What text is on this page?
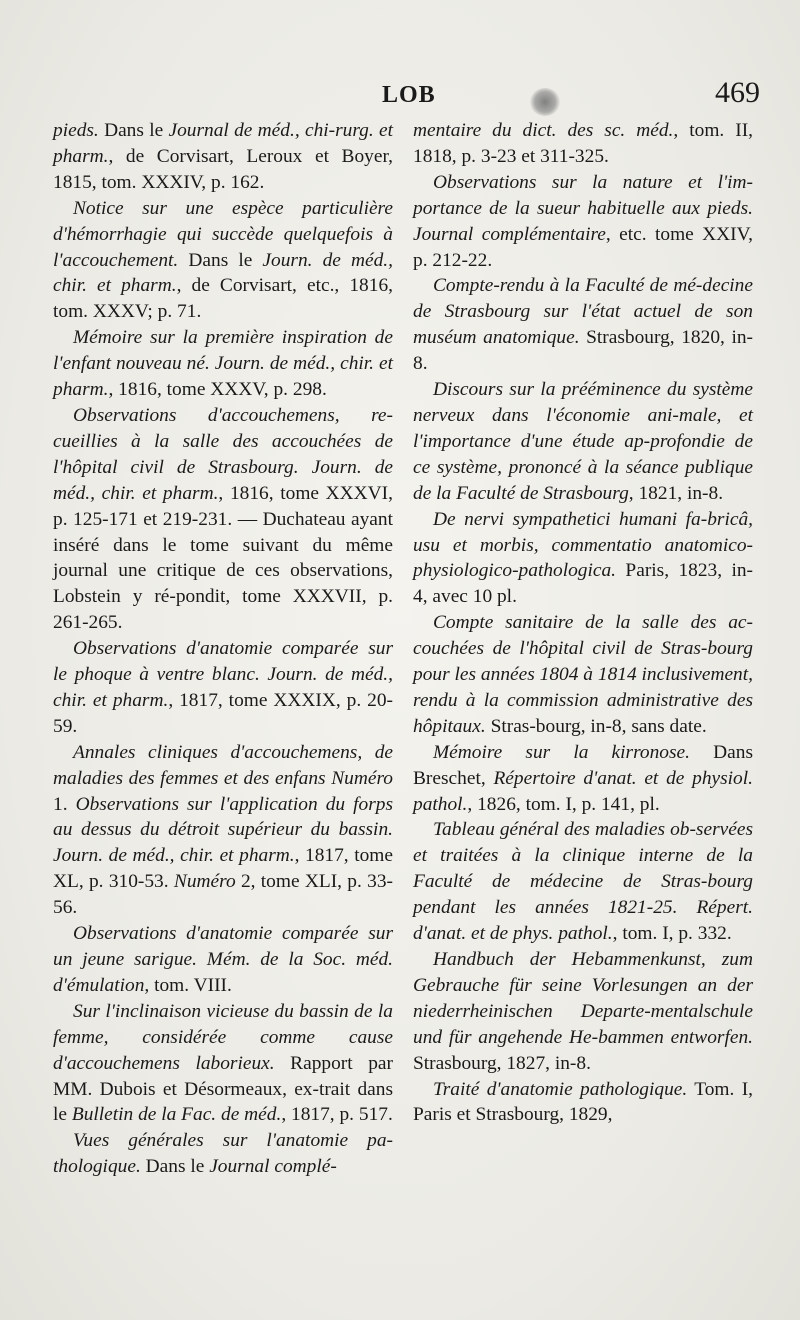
LOB	469

pieds. Dans le Journal de méd., chi-rurg. et pharm., de Corvisart, Leroux et Boyer, 1815, tom. XXXIV, p. 162.

Notice sur une espèce particulière d'hémorrhagie qui succède quelquefois à l'accouchement. Dans le Journ. de méd., chir. et pharm., de Corvisart, etc., 1816, tom. XXXV; p. 71.

Mémoire sur la première inspiration de l'enfant nouveau né. Journ. de méd., chir. et pharm., 1816, tome XXXV, p. 298.

Observations d'accouchemens, re-cueillies à la salle des accouchées de l'hôpital civil de Strasbourg. Journ. de méd., chir. et pharm., 1816, tome XXXVI, p. 125-171 et 219-231. — Duchateau ayant inséré dans le tome suivant du même journal une critique de ces observations, Lobstein y ré-pondit, tome XXXVII, p. 261-265.

Observations d'anatomie comparée sur le phoque à ventre blanc. Journ. de méd., chir. et pharm., 1817, tome XXXIX, p. 20-59.

Annales cliniques d'accouchemens, de maladies des femmes et des enfans Numéro 1. Observations sur l'application du forps au dessus du détroit supérieur du bassin. Journ. de méd., chir. et pharm., 1817, tome XL, p. 310-53. Numéro 2, tome XLI, p. 33-56.

Observations d'anatomie comparée sur un jeune sarigue. Mém. de la Soc. méd. d'émulation, tom. VIII.

Sur l'inclinaison vicieuse du bassin de la femme, considérée comme cause d'accouchemens laborieux. Rapport par MM. Dubois et Désormeaux, ex-trait dans le Bulletin de la Fac. de méd., 1817, p. 517.

Vues générales sur l'anatomie pa-thologique. Dans le Journal complé-

mentaire du dict. des sc. méd., tom. II, 1818, p. 3-23 et 311-325.

Observations sur la nature et l'im-portance de la sueur habituelle aux pieds. Journal complémentaire, etc. tome XXIV, p. 212-22.

Compte-rendu à la Faculté de mé-decine de Strasbourg sur l'état actuel de son muséum anatomique. Strasbourg, 1820, in-8.

Discours sur la prééminence du système nerveux dans l'économie ani-male, et l'importance d'une étude ap-profondie de ce système, prononcé à la séance publique de la Faculté de Strasbourg, 1821, in-8.

De nervi sympathetici humani fa-bricâ, usu et morbis, commentatio anatomico-physiologico-pathologica. Paris, 1823, in-4, avec 10 pl.

Compte sanitaire de la salle des ac-couchées de l'hôpital civil de Stras-bourg pour les années 1804 à 1814 inclusivement, rendu à la commission administrative des hôpitaux. Stras-bourg, in-8, sans date.

Mémoire sur la kirronose. Dans Breschet, Répertoire d'anat. et de physiol. pathol., 1826, tom. I, p. 141, pl.

Tableau général des maladies ob-servées et traitées à la clinique interne de la Faculté de médecine de Stras-bourg pendant les années 1821-25. Répert. d'anat. et de phys. pathol., tom. I, p. 332.

Handbuch der Hebammenkunst, zum Gebrauche für seine Vorlesungen an der niederrheinischen Departe-mentalschule und für angehende He-bammen entworfen. Strasbourg, 1827, in-8.

Traité d'anatomie pathologique. Tom. I, Paris et Strasbourg, 1829,
